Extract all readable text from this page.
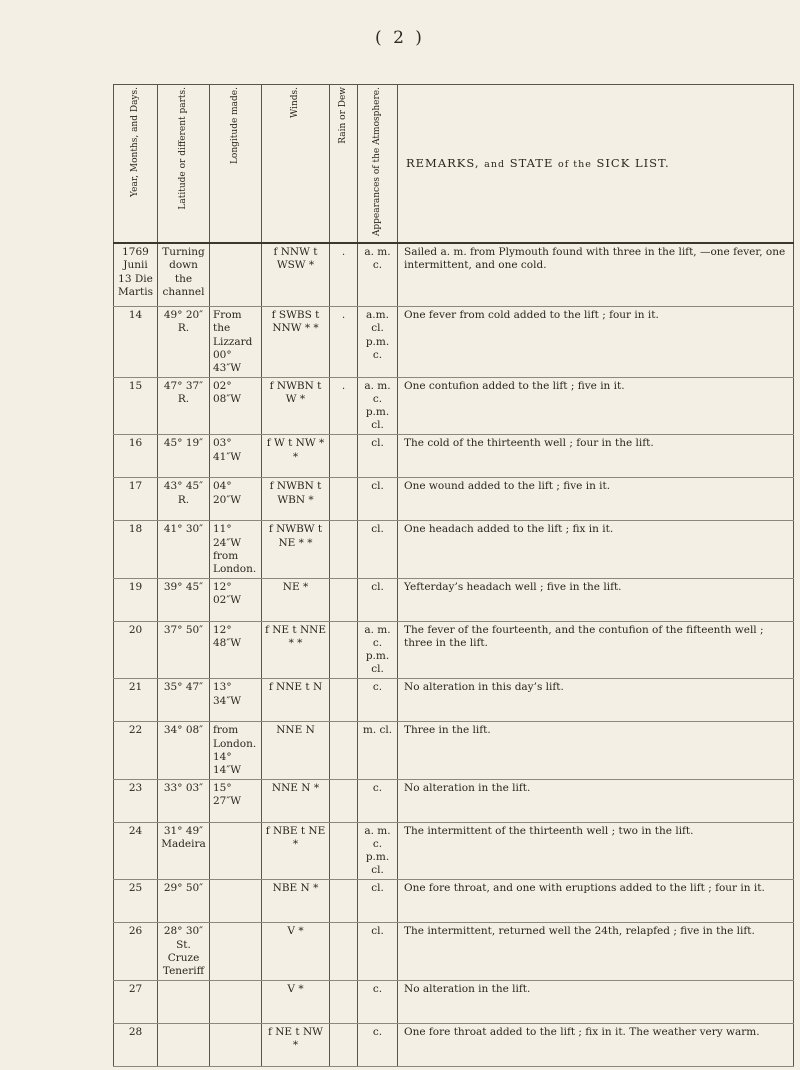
( 2 )
Year, Months, and Days.	Latitude or different parts.	Longitude made.	Winds.	Rain or Dew	Appearances of the Atmosphere.	REMARKS, and STATE of the SICK LIST.
1769 Junii 13 Die Martis	Turning down the channel		f NNW t WSW *	.	a. m. c.	Sailed a. m. from Plymouth found with three in the lift, —one fever, one intermittent, and one cold.
14	49° 20″ R.	From the Lizzard 00° 43″W	f SWBS t NNW * *	.	a.m. cl. p.m. c.	One fever from cold added to the lift ; four in it.
15	47° 37″ R.	02° 08″W	f NWBN t W *	.	a. m. c. p.m. cl.	One contufion added to the lift ; five in it.
16	45° 19″	03° 41″W	f W t NW * *		cl.	The cold of the thirteenth well ; four in the lift.
17	43° 45″ R.	04° 20″W	f NWBN t WBN *		cl.	One wound added to the lift ; five in it.
18	41° 30″	11° 24″W from London.	f NWBW t NE * *		cl.	One headach added to the lift ; fix in it.
19	39° 45″	12° 02″W	NE *		cl.	Yefterday’s headach well ; five in the lift.
20	37° 50″	12° 48″W	f NE t NNE * *		a. m. c. p.m. cl.	The fever of the fourteenth, and the contufion of the fifteenth well ; three in the lift.
21	35° 47″	13° 34″W	f NNE t N		c.	No alteration in this day’s lift.
22	34° 08″	from London. 14° 14″W	NNE N		m. cl.	Three in the lift.
23	33° 03″	15° 27″W	NNE N *		c.	No alteration in the lift.
24	31° 49″ Madeira		f NBE t NE *		a. m. c. p.m. cl.	The intermittent of the thirteenth well ; two in the lift.
25	29° 50″		NBE N *		cl.	One fore throat, and one with eruptions added to the lift ; four in it.
26	28° 30″ St. Cruze Teneriff		V *		cl.	The intermittent, returned well the 24th, relapfed ; five in the lift.
27			V *		c.	No alteration in the lift.
28			f NE t NW *		c.	One fore throat added to the lift ; fix in it. The weather very warm.
